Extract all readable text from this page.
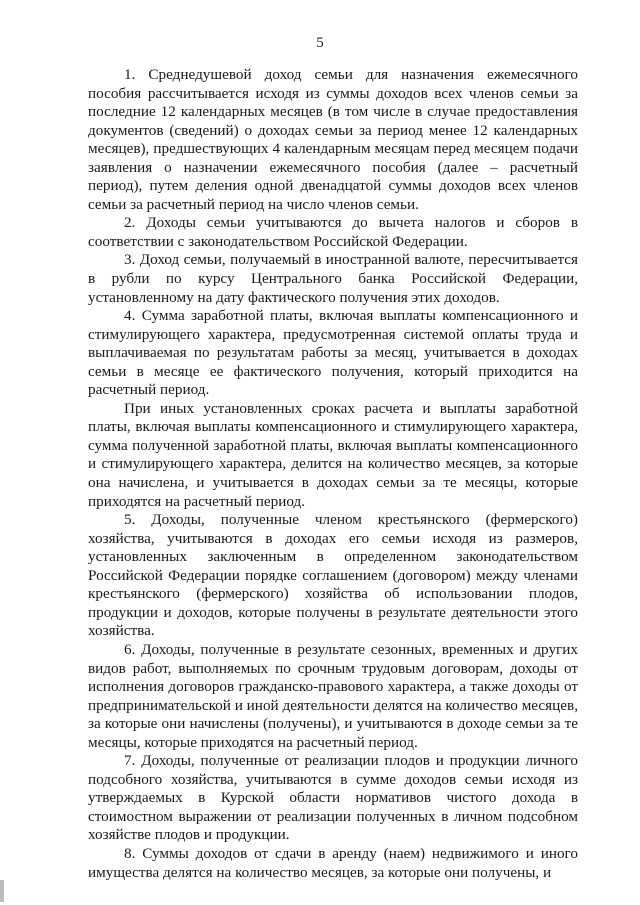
5

1. Среднедушевой доход семьи для назначения ежемесячного пособия рассчитывается исходя из суммы доходов всех членов семьи за последние 12 календарных месяцев (в том числе в случае предоставления документов (сведений) о доходах семьи за период менее 12 календарных месяцев), предшествующих 4 календарным месяцам перед месяцем подачи заявления о назначении ежемесячного пособия (далее – расчетный период), путем деления одной двенадцатой суммы доходов всех членов семьи за расчетный период на число членов семьи.

2. Доходы семьи учитываются до вычета налогов и сборов в соответствии с законодательством Российской Федерации.

3. Доход семьи, получаемый в иностранной валюте, пересчитывается в рубли по курсу Центрального банка Российской Федерации, установленному на дату фактического получения этих доходов.

4. Сумма заработной платы, включая выплаты компенсационного и стимулирующего характера, предусмотренная системой оплаты труда и выплачиваемая по результатам работы за месяц, учитывается в доходах семьи в месяце ее фактического получения, который приходится на расчетный период.

При иных установленных сроках расчета и выплаты заработной платы, включая выплаты компенсационного и стимулирующего характера, сумма полученной заработной платы, включая выплаты компенсационного и стимулирующего характера, делится на количество месяцев, за которые она начислена, и учитывается в доходах семьи за те месяцы, которые приходятся на расчетный период.

5. Доходы, полученные членом крестьянского (фермерского) хозяйства, учитываются в доходах его семьи исходя из размеров, установленных заключенным в определенном законодательством Российской Федерации порядке соглашением (договором) между членами крестьянского (фермерского) хозяйства об использовании плодов, продукции и доходов, которые получены в результате деятельности этого хозяйства.

6. Доходы, полученные в результате сезонных, временных и других видов работ, выполняемых по срочным трудовым договорам, доходы от исполнения договоров гражданско-правового характера, а также доходы от предпринимательской и иной деятельности делятся на количество месяцев, за которые они начислены (получены), и учитываются в доходе семьи за те месяцы, которые приходятся на расчетный период.

7. Доходы, полученные от реализации плодов и продукции личного подсобного хозяйства, учитываются в сумме доходов семьи исходя из утверждаемых в Курской области нормативов чистого дохода в стоимостном выражении от реализации полученных в личном подсобном хозяйстве плодов и продукции.

8. Суммы доходов от сдачи в аренду (наем) недвижимого и иного имущества делятся на количество месяцев, за которые они получены, и
